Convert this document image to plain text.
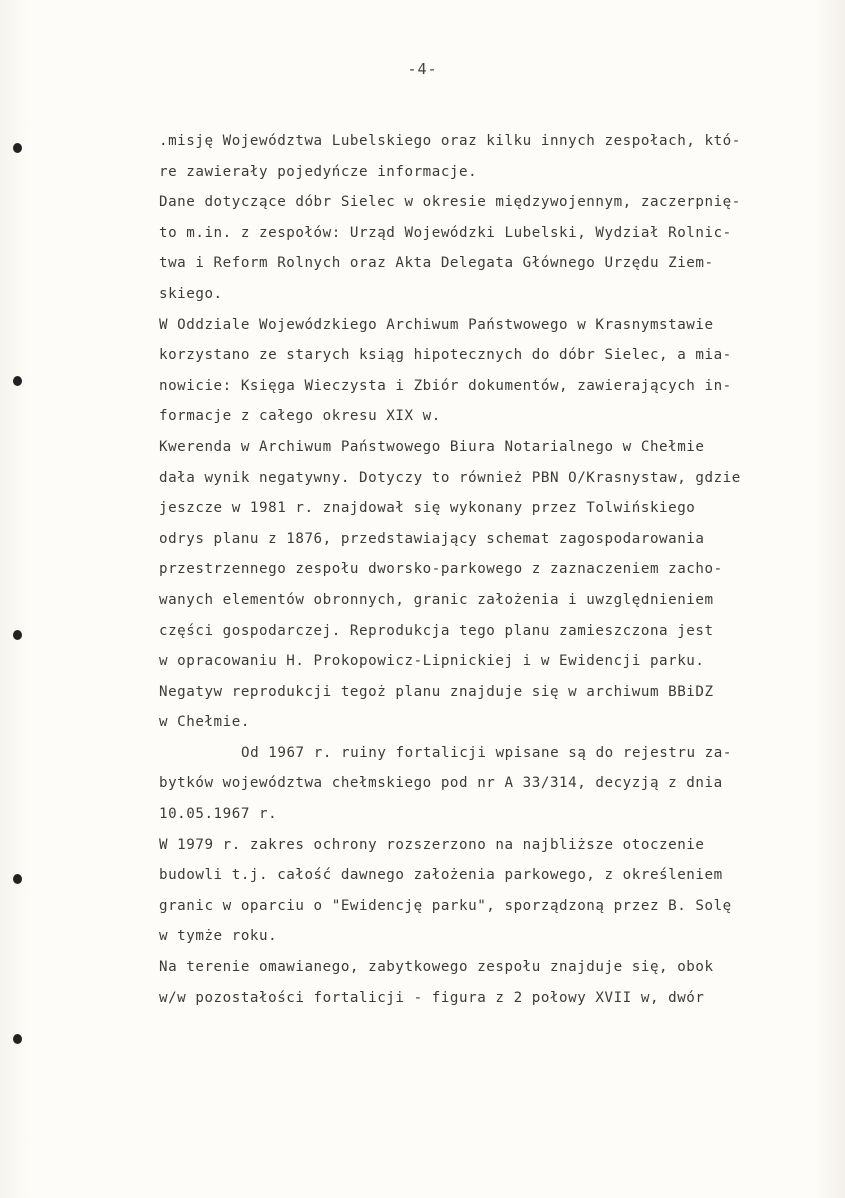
-4-
.misję Województwa Lubelskiego oraz kilku innych zespołach, któ-
re zawierały pojedyńcze informacje.
Dane dotyczące dóbr Sielec w okresie międzywojennym, zaczerpnię-
to m.in. z zespołów: Urząd Wojewódzki Lubelski, Wydział Rolnic-
twa i Reform Rolnych oraz Akta Delegata Głównego Urzędu Ziem-
skiego.
W Oddziale Wojewódzkiego Archiwum Państwowego w Krasnymstawie
korzystano ze starych ksiąg hipotecznych do dóbr Sielec, a mia-
nowicie: Księga Wieczysta i Zbiór dokumentów, zawierających in-
formacje z całego okresu XIX w.
Kwerenda w Archiwum Państwowego Biura Notarialnego w Chełmie
dała wynik negatywny. Dotyczy to również PBN O/Krasnystaw, gdzie
jeszcze w 1981 r. znajdował się wykonany przez Tolwińskiego
odrys planu z 1876, przedstawiający schemat zagospodarowania
przestrzennego zespołu dworsko-parkowego z zaznaczeniem zacho-
wanych elementów obronnych, granic założenia i uwzględnieniem
części gospodarczej. Reprodukcja tego planu zamieszczona jest
w opracowaniu H. Prokopowicz-Lipnickiej i w Ewidencji parku.
Negatyw reprodukcji tegoż planu znajduje się w archiwum BBiDZ
w Chełmie.
Od 1967 r. ruiny fortalicji wpisane są do rejestru za-
bytków województwa chełmskiego pod nr A 33/314, decyzją z dnia
10.05.1967 r.
W 1979 r. zakres ochrony rozszerzono na najbliższe otoczenie
budowli t.j. całość dawnego założenia parkowego, z określeniem
granic w oparciu o "Ewidencję parku", sporządzoną przez B. Solę
w tymże roku.
Na terenie omawianego, zabytkowego zespołu znajduje się, obok
w/w pozostałości fortalicji - figura z 2 połowy XVII w, dwór
